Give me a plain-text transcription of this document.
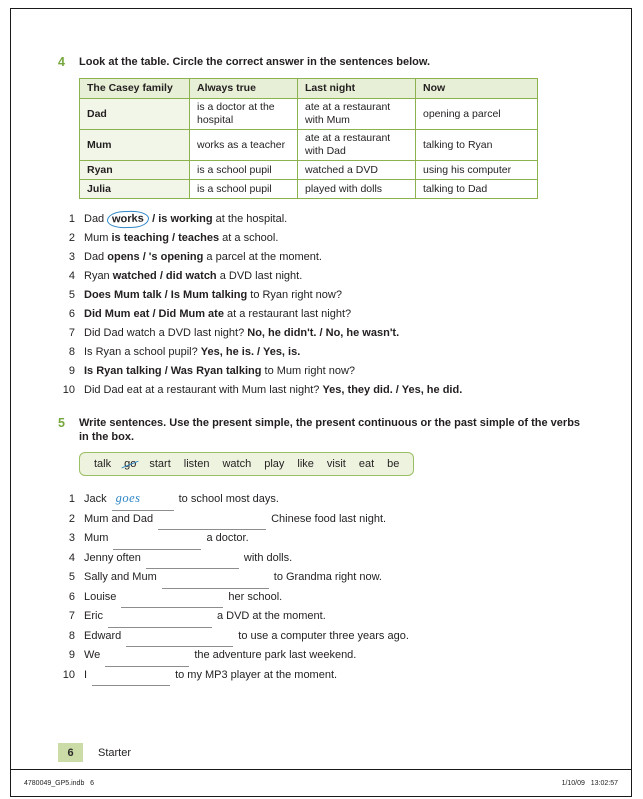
4 Look at the table. Circle the correct answer in the sentences below.
The Casey family	Always true	Last night	Now
Dad	is a doctor at the hospital	ate at a restaurant with Mum	opening a parcel
Mum	works as a teacher	ate at a restaurant with Dad	talking to Ryan
Ryan	is a school pupil	watched a DVD	using his computer
Julia	is a school pupil	played with dolls	talking to Dad
1 Dad works / is working at the hospital.
2 Mum is teaching / teaches at a school.
3 Dad opens / 's opening a parcel at the moment.
4 Ryan watched / did watch a DVD last night.
5 Does Mum talk / Is Mum talking to Ryan right now?
6 Did Mum eat / Did Mum ate at a restaurant last night?
7 Did Dad watch a DVD last night? No, he didn't. / No, he wasn't.
8 Is Ryan a school pupil? Yes, he is. / Yes, is.
9 Is Ryan talking / Was Ryan talking to Mum right now?
10 Did Dad eat at a restaurant with Mum last night? Yes, they did. / Yes, he did.
5 Write sentences. Use the present simple, the present continuous or the past simple of the verbs in the box.
talk go start listen watch play like visit eat be
1 Jack goes	to school most days.
2 Mum and Dad	Chinese food last night.
3 Mum	a doctor.
4 Jenny often	with dolls.
5 Sally and Mum	to Grandma right now.
6 Louise	her school.
7 Eric	a DVD at the moment.
8 Edward	to use a computer three years ago.
9 We	the adventure park last weekend.
10 I	to my MP3 player at the moment.
6	Starter
4780049_GP5.indb   6	1/10/09   13:02:57
